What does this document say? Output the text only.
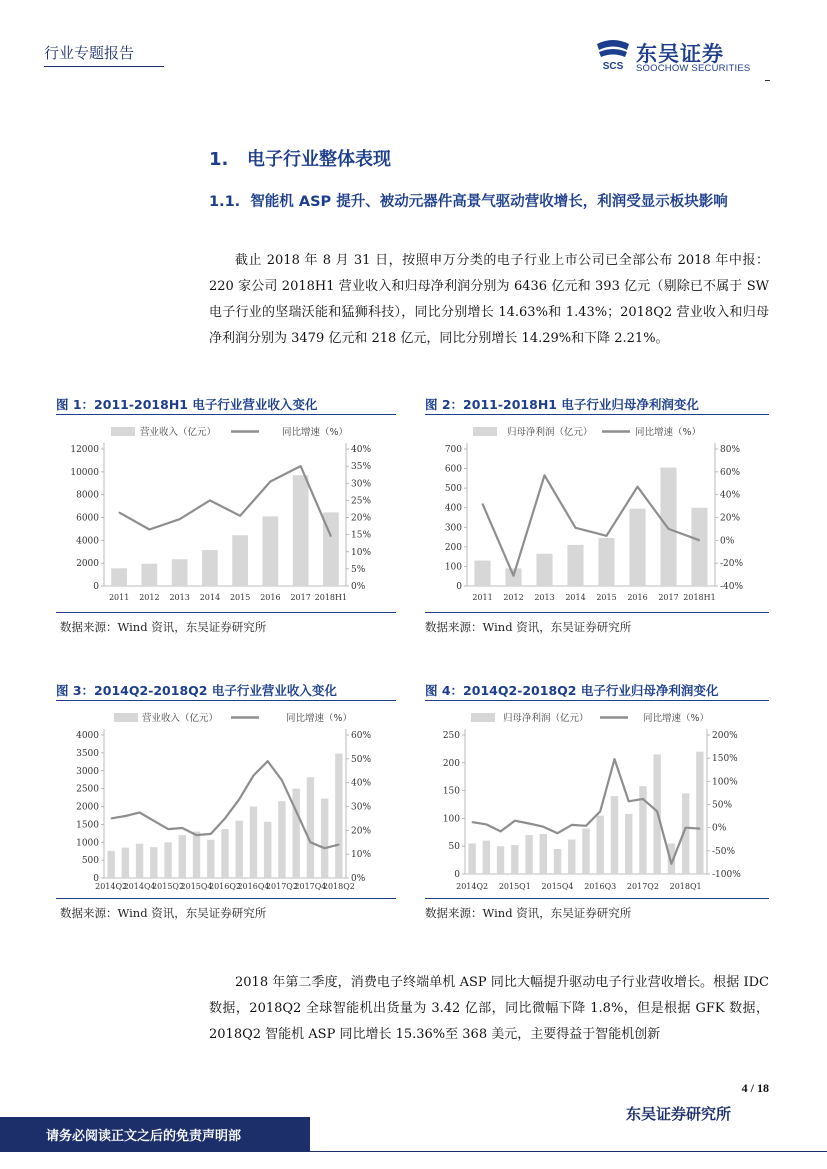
行业专题报告
SCS
东吴证券
SOOCHOW SECURITIES
1. 电子行业整体表现
1.1. 智能机 ASP 提升、被动元器件高景气驱动营收增长，利润受显示板块影响

截止 2018 年 8 月 31 日，按照申万分类的电子行业上市公司已全部公布 2018 年中报：220 家公司 2018H1 营业收入和归母净利润分别为 6436 亿元和 393 亿元（剔除已不属于 SW 电子行业的坚瑞沃能和猛狮科技），同比分别增长 14.63%和 1.43%；2018Q2 营业收入和归母净利润分别为 3479 亿元和 218 亿元，同比分别增长 14.29%和下降 2.21%。

图 1：2011-2018H1 电子行业营业收入变化
数据来源：Wind 资讯，东吴证券研究所
图 2：2011-2018H1 电子行业归母净利润变化
数据来源：Wind 资讯，东吴证券研究所
图 3：2014Q2-2018Q2 电子行业营业收入变化
数据来源：Wind 资讯，东吴证券研究所
图 4：2014Q2-2018Q2 电子行业归母净利润变化
数据来源：Wind 资讯，东吴证券研究所
营业收入（亿元）	同比增速（%）
0
2000
4000
6000
8000
10000
12000
0%
5%
10%
15%
20%
25%
30%
35%
40%
2011 2012 2013 2014 2015 2016 2017 2018H1
归母净利润（亿元）	同比增速（%）
0
100
200
300
400
500
600
700
-40%
-20%
0%
20%
40%
60%
80%
2011 2012 2013 2014 2015 2016 2017 2018H1
营业收入（亿元）	同比增速（%）
0
500
1000
1500
2000
2500
3000
3500
4000
0%
10%
20%
30%
40%
50%
60%
2014Q2
2014Q4
2015Q2
2015Q4
2016Q2
2016Q4
2017Q2
2017Q4
2018Q2
归母净利润（亿元）	同比增速（%）
0
50
100
150
200
250
-100%
-50%
0%
50%
100%
150%
200%
2014Q2 2015Q1 2015Q4 2016Q3 2017Q2 2018Q1

2018 年第二季度，消费电子终端单机 ASP 同比大幅提升驱动电子行业营收增长。根据 IDC 数据，2018Q2 全球智能机出货量为 3.42 亿部，同比微幅下降 1.8%，但是根据 GFK 数据，2018Q2 智能机 ASP 同比增长 15.36%至 368 美元，主要得益于智能机创新

4 / 18
东吴证券研究所
请务必阅读正文之后的免责声明部
